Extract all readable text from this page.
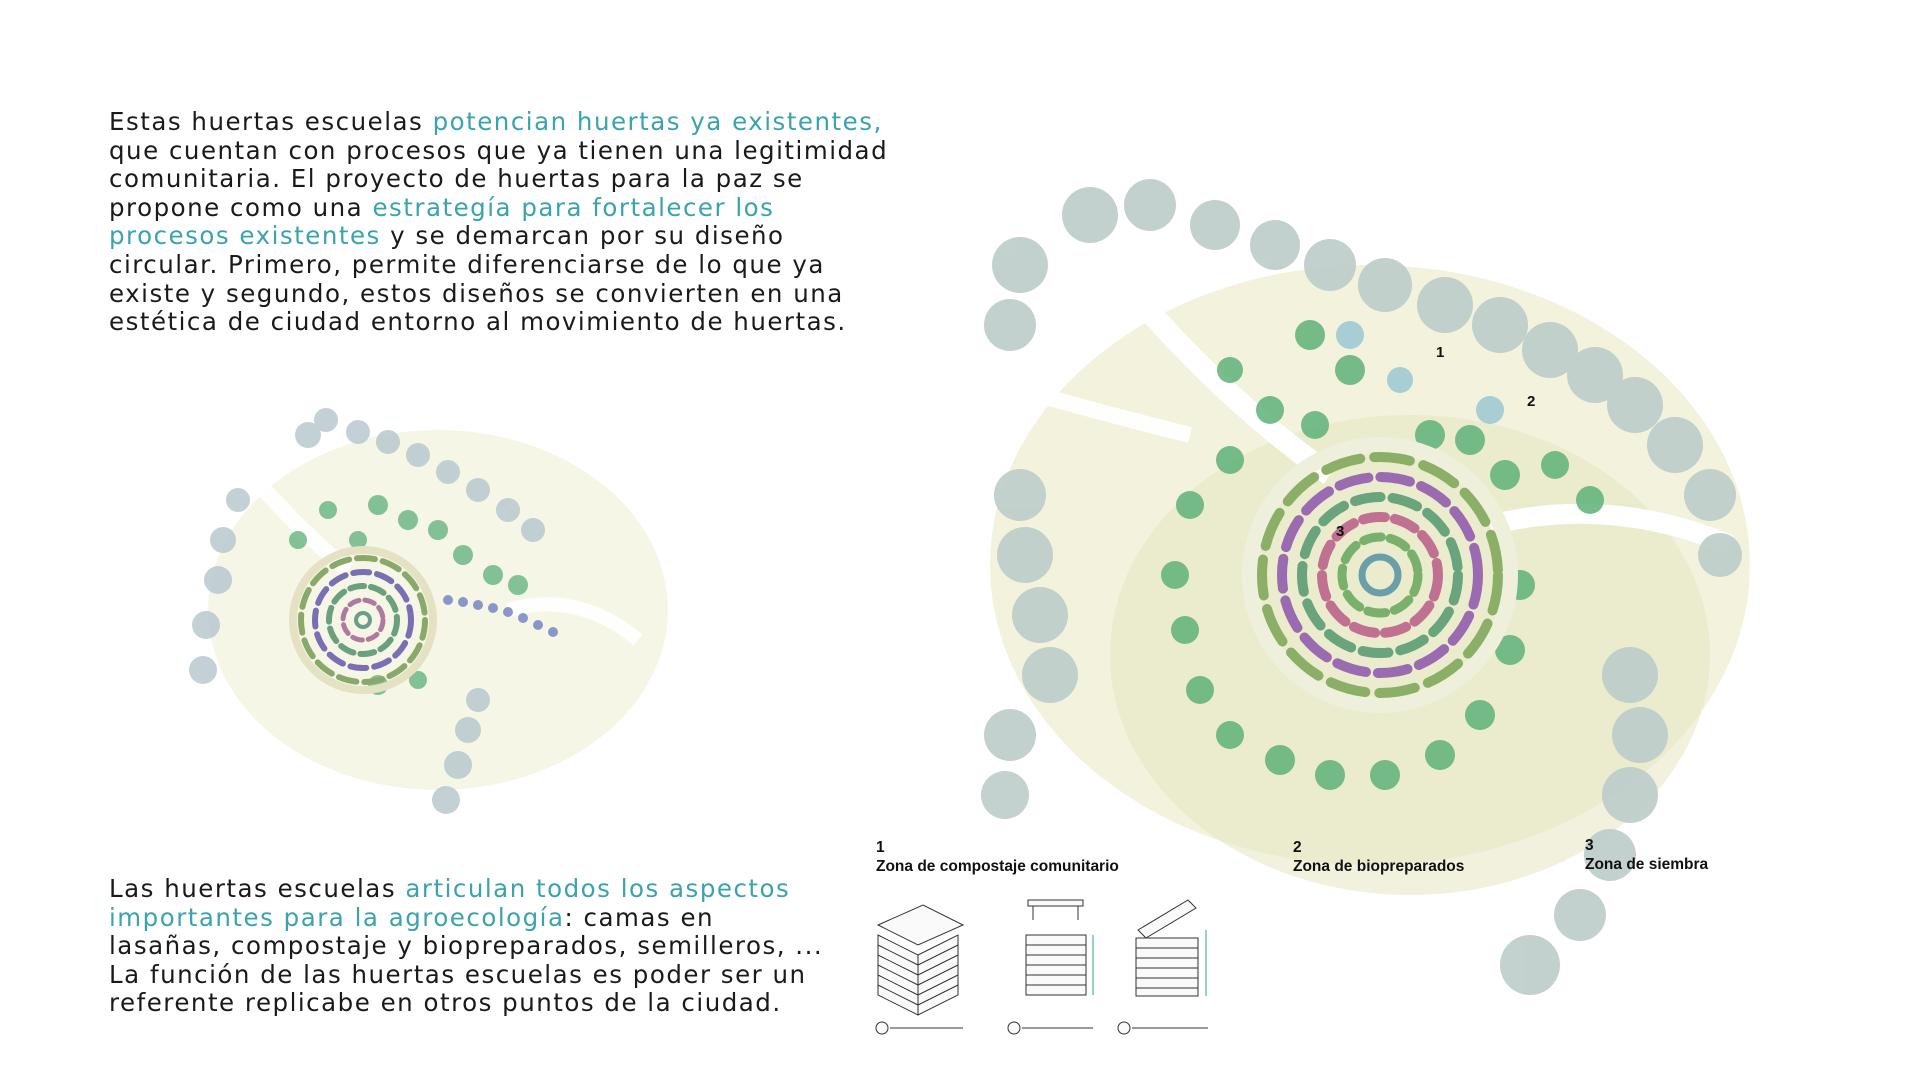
Estas huertas escuelas potencian huertas ya existentes,
que cuentan con procesos que ya tienen una legitimidad
comunitaria. El proyecto de huertas para la paz se
propone como una estrategía para fortalecer los
procesos existentes y se demarcan por su diseño
circular. Primero, permite diferenciarse de lo que ya
existe y segundo, estos diseños se convierten en una
estética de ciudad entorno al movimiento de huertas.
Las huertas escuelas articulan todos los aspectos
importantes para la agroecología: camas en
lasañas, compostaje y biopreparados, semilleros, ...
La función de las huertas escuelas es poder ser un
referente replicabe en otros puntos de la ciudad.
1
2
3
1
Zona de compostaje comunitario
2
Zona de biopreparados
3
Zona de siembra
